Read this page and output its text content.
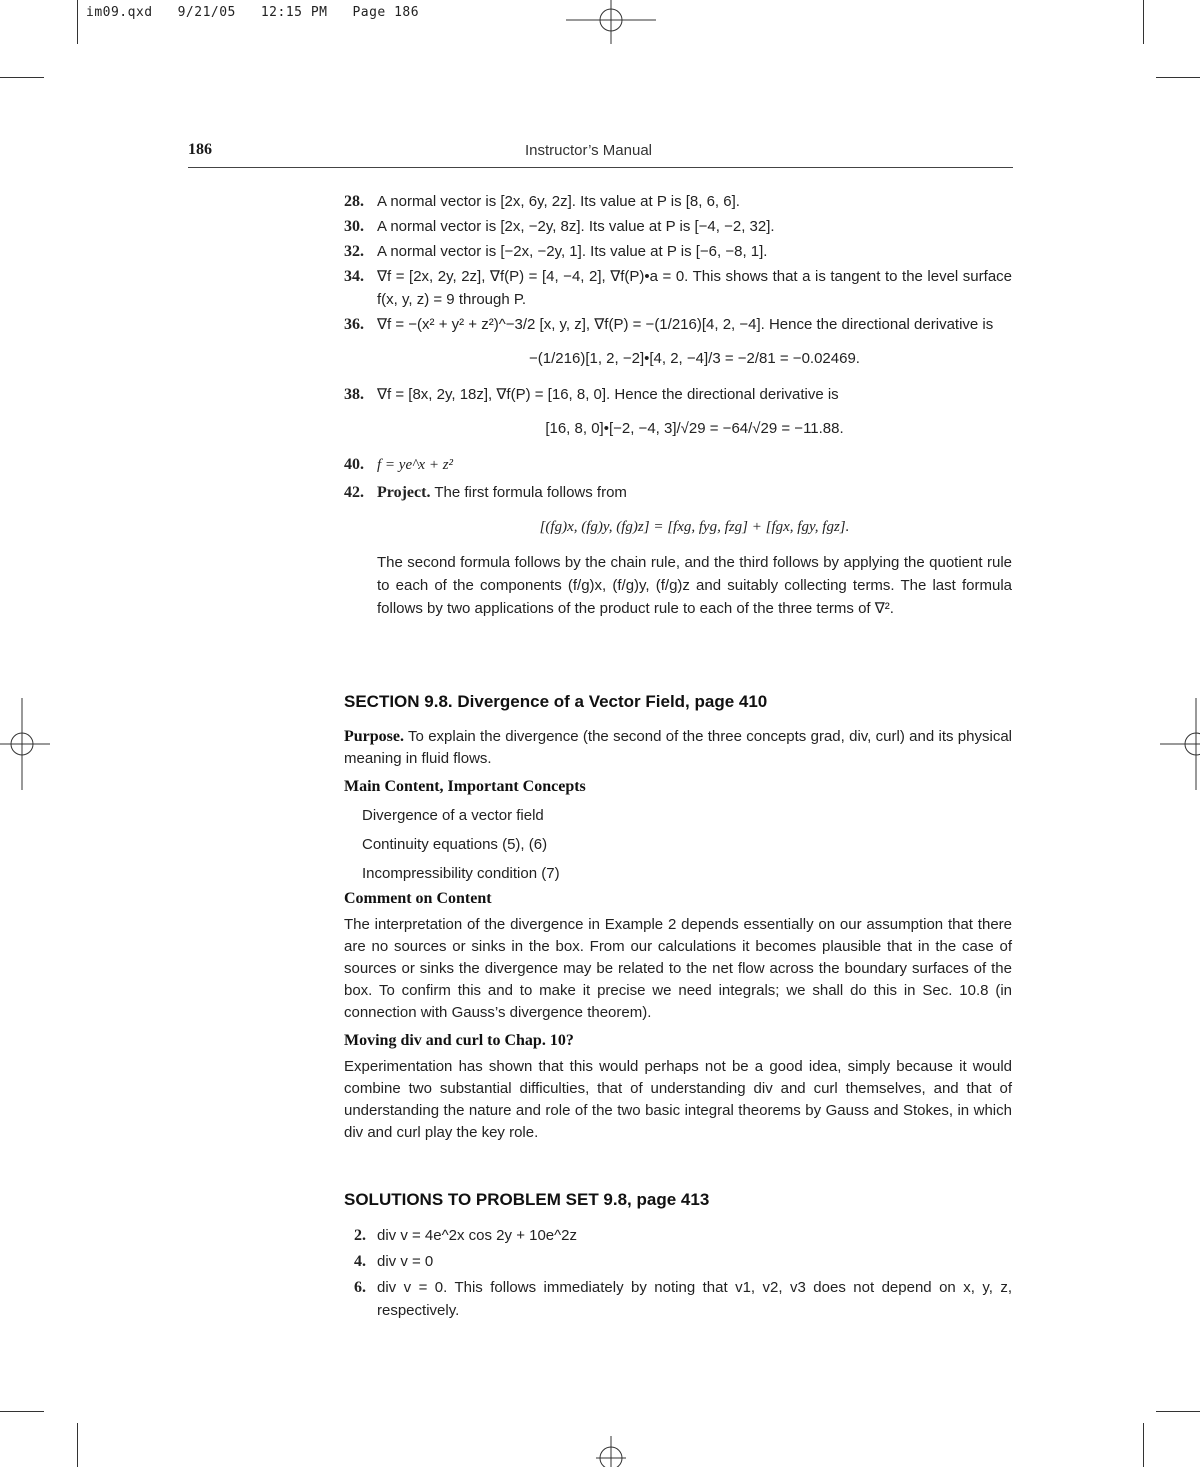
im09.qxd   9/21/05   12:15 PM   Page 186
186	Instructor’s Manual
28. A normal vector is [2x, 6y, 2z]. Its value at P is [8, 6, 6].
30. A normal vector is [2x, −2y, 8z]. Its value at P is [−4, −2, 32].
32. A normal vector is [−2x, −2y, 1]. Its value at P is [−6, −8, 1].
34. ∇f = [2x, 2y, 2z], ∇f(P) = [4, −4, 2], ∇f(P)•a = 0. This shows that a is tangent to the level surface f(x, y, z) = 9 through P.
36. ∇f = −(x² + y² + z²)^−3/2 [x, y, z], ∇f(P) = −(1/216)[4, 2, −4]. Hence the directional derivative is
−(1/216)[1, 2, −2]•[4, 2, −4]/3 = −2/81 = −0.02469.
38. ∇f = [8x, 2y, 18z], ∇f(P) = [16, 8, 0]. Hence the directional derivative is
[16, 8, 0]•[−2, −4, 3]/√29 = −64/√29 = −11.88.
40. f = ye^x + z²
42. Project. The first formula follows from
[(fg)x, (fg)y, (fg)z] = [fxg, fyg, fzg] + [fgx, fgy, fgz].
The second formula follows by the chain rule, and the third follows by applying the quotient rule to each of the components (f/g)x, (f/g)y, (f/g)z and suitably collecting terms. The last formula follows by two applications of the product rule to each of the three terms of ∇².
SECTION 9.8. Divergence of a Vector Field, page 410
Purpose. To explain the divergence (the second of the three concepts grad, div, curl) and its physical meaning in fluid flows.
Main Content, Important Concepts
Divergence of a vector field
Continuity equations (5), (6)
Incompressibility condition (7)
Comment on Content
The interpretation of the divergence in Example 2 depends essentially on our assumption that there are no sources or sinks in the box. From our calculations it becomes plausible that in the case of sources or sinks the divergence may be related to the net flow across the boundary surfaces of the box. To confirm this and to make it precise we need integrals; we shall do this in Sec. 10.8 (in connection with Gauss’s divergence theorem).
Moving div and curl to Chap. 10?
Experimentation has shown that this would perhaps not be a good idea, simply because it would combine two substantial difficulties, that of understanding div and curl themselves, and that of understanding the nature and role of the two basic integral theorems by Gauss and Stokes, in which div and curl play the key role.
SOLUTIONS TO PROBLEM SET 9.8, page 413
2. div v = 4e^2x cos 2y + 10e^2z
4. div v = 0
6. div v = 0. This follows immediately by noting that v1, v2, v3 does not depend on x, y, z, respectively.
